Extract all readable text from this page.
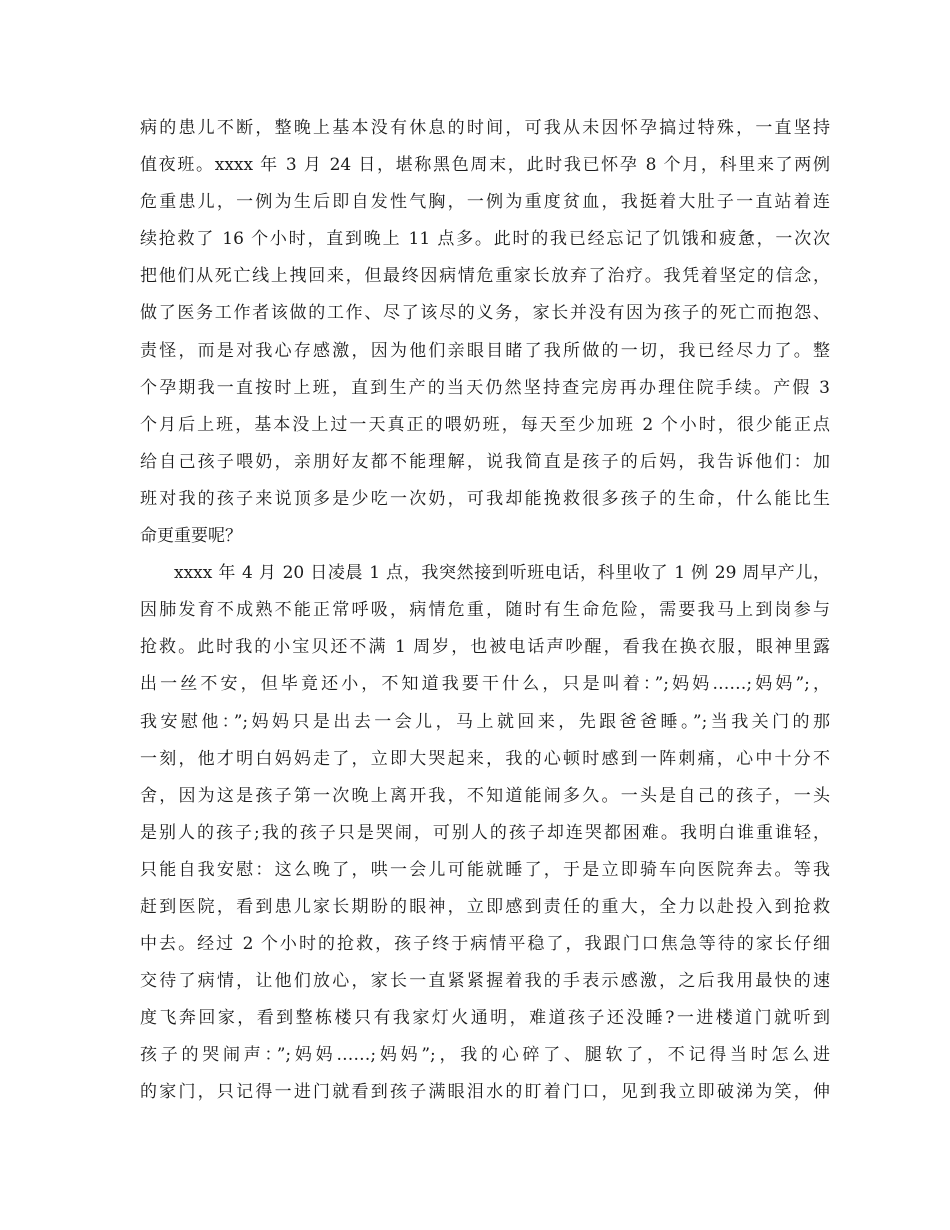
病的患儿不断，整晚上基本没有休息的时间，可我从未因怀孕搞过特殊，一直坚持
值夜班。xxxx 年 3 月 24 日，堪称黑色周末，此时我已怀孕 8 个月，科里来了两例
危重患儿，一例为生后即自发性气胸，一例为重度贫血，我挺着大肚子一直站着连
续抢救了 16 个小时，直到晚上 11 点多。此时的我已经忘记了饥饿和疲惫，一次次
把他们从死亡线上拽回来，但最终因病情危重家长放弃了治疗。我凭着坚定的信念，
做了医务工作者该做的工作、尽了该尽的义务，家长并没有因为孩子的死亡而抱怨、
责怪，而是对我心存感激，因为他们亲眼目睹了我所做的一切，我已经尽力了。整
个孕期我一直按时上班，直到生产的当天仍然坚持查完房再办理住院手续。产假 3
个月后上班，基本没上过一天真正的喂奶班，每天至少加班 2 个小时，很少能正点
给自己孩子喂奶，亲朋好友都不能理解，说我简直是孩子的后妈，我告诉他们：加
班对我的孩子来说顶多是少吃一次奶，可我却能挽救很多孩子的生命，什么能比生
命更重要呢？
xxxx 年 4 月 20 日凌晨 1 点，我突然接到听班电话，科里收了 1 例 29 周早产儿，
因肺发育不成熟不能正常呼吸，病情危重，随时有生命危险，需要我马上到岗参与
抢救。此时我的小宝贝还不满 1 周岁，也被电话声吵醒，看我在换衣服，眼神里露
出一丝不安，但毕竟还小，不知道我要干什么，只是叫着：”;妈妈……;妈妈”;，
我安慰他：”;妈妈只是出去一会儿，马上就回来，先跟爸爸睡。”;当我关门的那
一刻，他才明白妈妈走了，立即大哭起来，我的心顿时感到一阵刺痛，心中十分不
舍，因为这是孩子第一次晚上离开我，不知道能闹多久。一头是自己的孩子，一头
是别人的孩子;我的孩子只是哭闹，可别人的孩子却连哭都困难。我明白谁重谁轻，
只能自我安慰：这么晚了，哄一会儿可能就睡了，于是立即骑车向医院奔去。等我
赶到医院，看到患儿家长期盼的眼神，立即感到责任的重大，全力以赴投入到抢救
中去。经过 2 个小时的抢救，孩子终于病情平稳了，我跟门口焦急等待的家长仔细
交待了病情，让他们放心，家长一直紧紧握着我的手表示感激，之后我用最快的速
度飞奔回家，看到整栋楼只有我家灯火通明，难道孩子还没睡?一进楼道门就听到
孩子的哭闹声：”;妈妈……;妈妈”;，我的心碎了、腿软了，不记得当时怎么进
的家门，只记得一进门就看到孩子满眼泪水的盯着门口，见到我立即破涕为笑，伸
